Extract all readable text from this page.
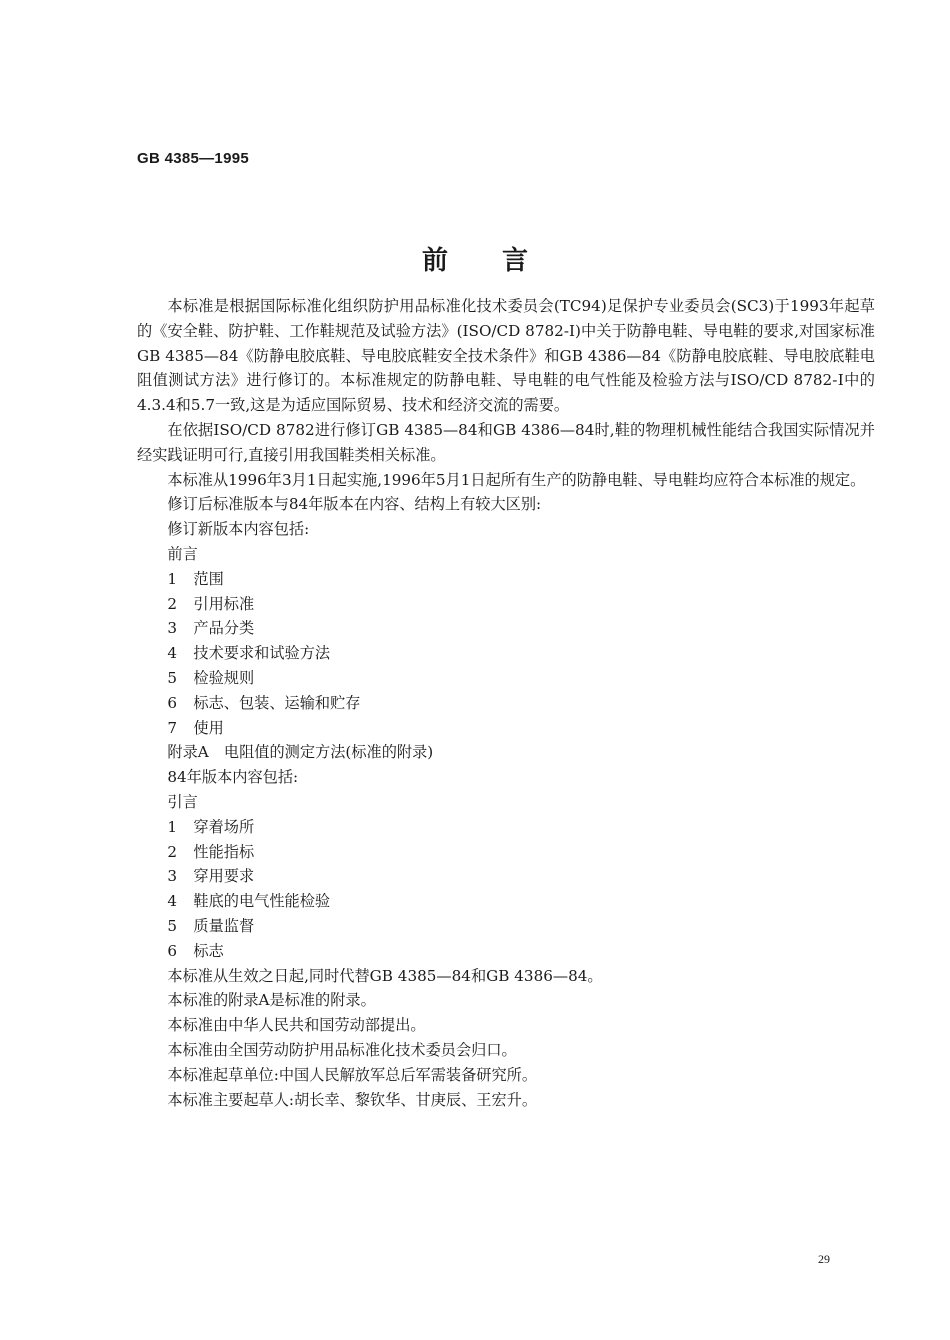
GB 4385—1995
前言

本标准是根据国际标准化组织防护用品标准化技术委员会(TC94)足保护专业委员会(SC3)于1993年起草的《安全鞋、防护鞋、工作鞋规范及试验方法》(ISO/CD 8782-Ⅰ)中关于防静电鞋、导电鞋的要求,对国家标准GB 4385—84《防静电胶底鞋、导电胶底鞋安全技术条件》和GB 4386—84《防静电胶底鞋、导电胶底鞋电阻值测试方法》进行修订的。本标准规定的防静电鞋、导电鞋的电气性能及检验方法与ISO/CD 8782-Ⅰ中的4.3.4和5.7一致,这是为适应国际贸易、技术和经济交流的需要。

在依据ISO/CD 8782进行修订GB 4385—84和GB 4386—84时,鞋的物理机械性能结合我国实际情况并经实践证明可行,直接引用我国鞋类相关标准。

本标准从1996年3月1日起实施,1996年5月1日起所有生产的防静电鞋、导电鞋均应符合本标准的规定。

修订后标准版本与84年版本在内容、结构上有较大区别:

修订新版本内容包括:

前言

1 范围

2 引用标准

3 产品分类

4 技术要求和试验方法

5 检验规则

6 标志、包装、运输和贮存

7 使用

附录A　电阻值的测定方法(标准的附录)

84年版本内容包括:

引言

1 穿着场所

2 性能指标

3 穿用要求

4 鞋底的电气性能检验

5 质量监督

6 标志

本标准从生效之日起,同时代替GB 4385—84和GB 4386—84。

本标准的附录A是标准的附录。

本标准由中华人民共和国劳动部提出。

本标准由全国劳动防护用品标准化技术委员会归口。

本标准起草单位:中国人民解放军总后军需装备研究所。

本标准主要起草人:胡长幸、黎钦华、甘庚辰、王宏升。

29
